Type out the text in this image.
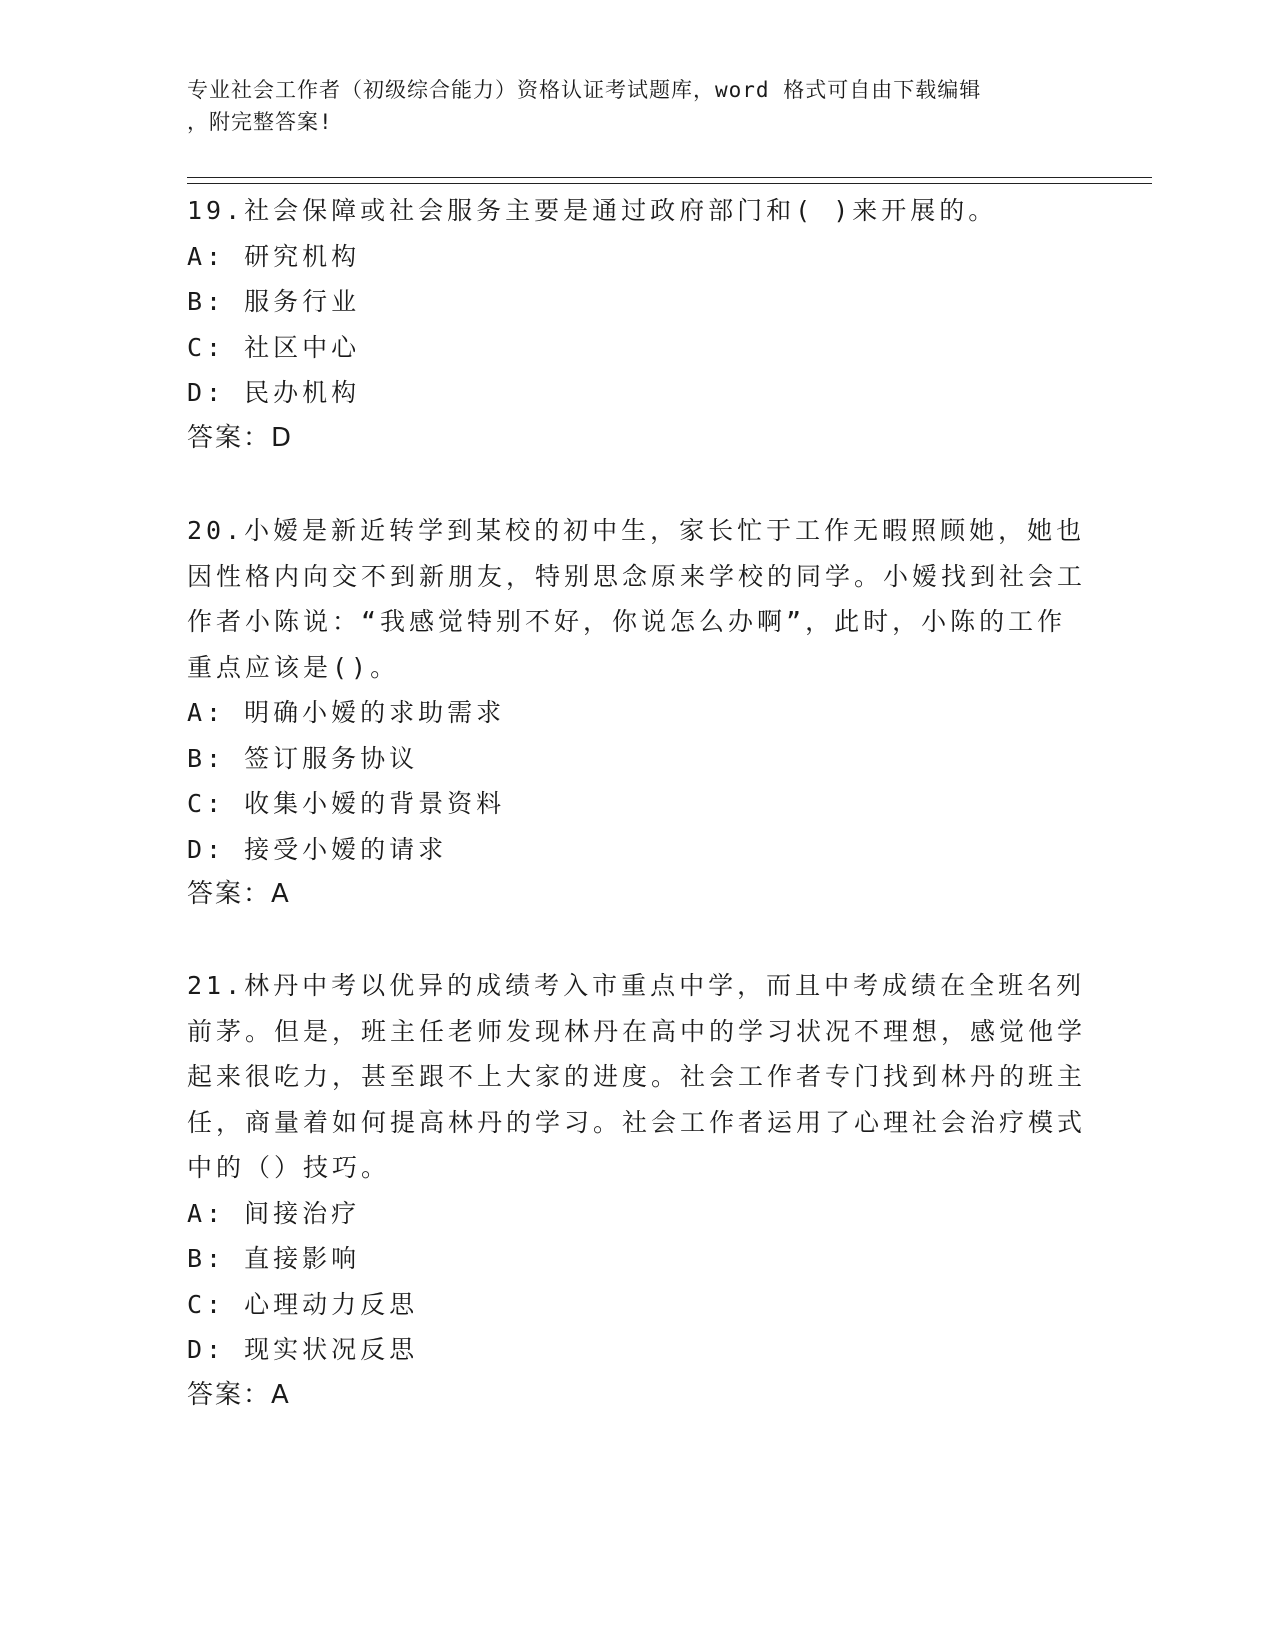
专业社会工作者（初级综合能力）资格认证考试题库，word 格式可自由下载编辑
，附完整答案!

19.社会保障或社会服务主要是通过政府部门和( )来开展的。

A: 研究机构

B: 服务行业

C: 社区中心

D: 民办机构

答案：D

20.小嫒是新近转学到某校的初中生，家长忙于工作无暇照顾她，她也因性格内向交不到新朋友，特别思念原来学校的同学。小嫒找到社会工作者小陈说：“我感觉特别不好，你说怎么办啊”，此时，小陈的工作重点应该是()。

A: 明确小嫒的求助需求

B: 签订服务协议

C: 收集小嫒的背景资料

D: 接受小嫒的请求

答案：A

21.林丹中考以优异的成绩考入市重点中学，而且中考成绩在全班名列前茅。但是，班主任老师发现林丹在高中的学习状况不理想，感觉他学起来很吃力，甚至跟不上大家的进度。社会工作者专门找到林丹的班主任，商量着如何提高林丹的学习。社会工作者运用了心理社会治疗模式中的（）技巧。

A: 间接治疗

B: 直接影响

C: 心理动力反思

D: 现实状况反思

答案：A
